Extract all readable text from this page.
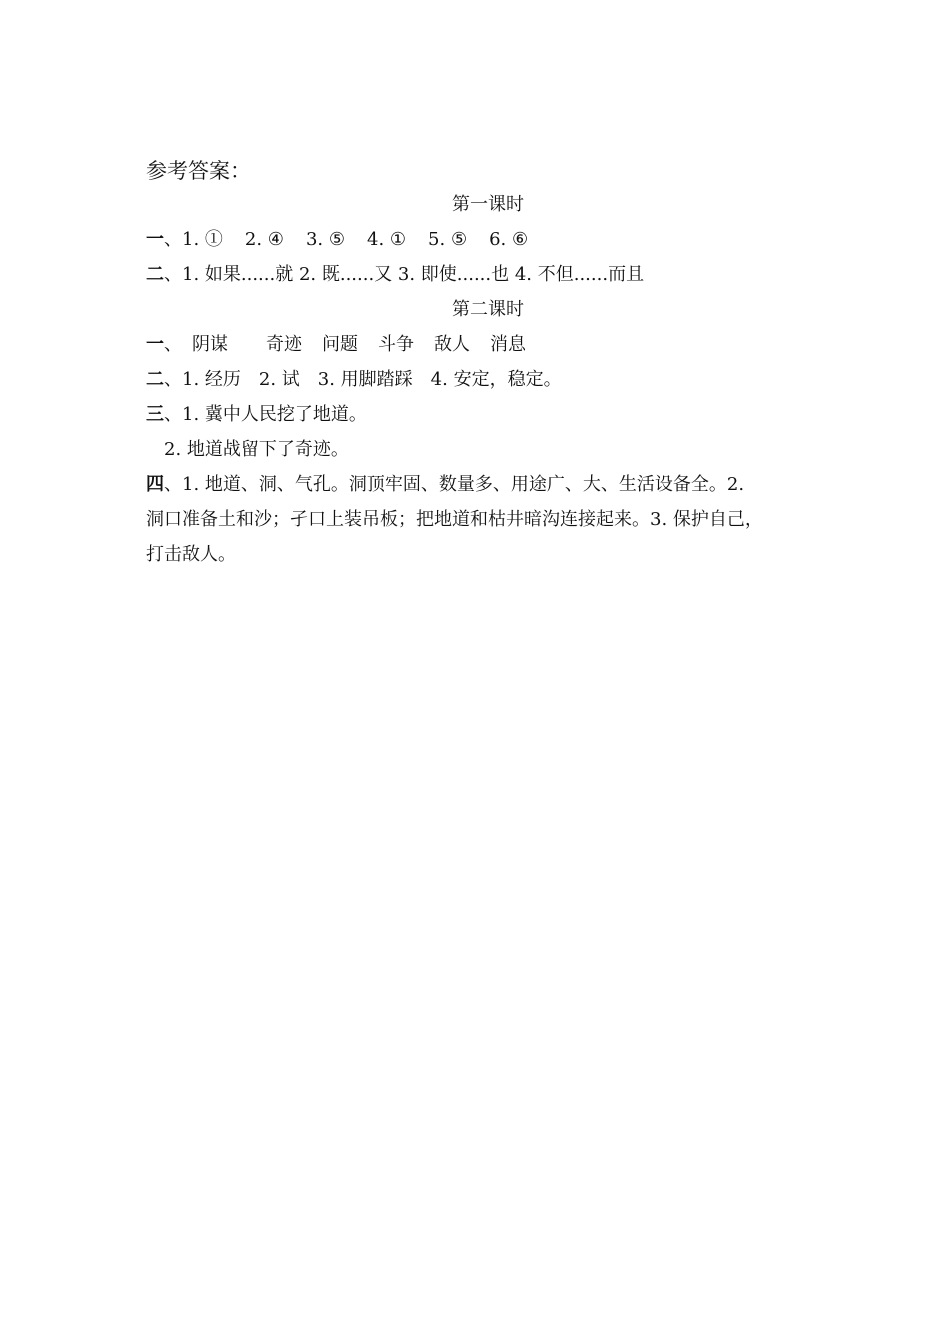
参考答案：
第一课时
一、1. ① 2. ④ 3. ⑤ 4. ① 5. ⑤ 6. ⑥
二、1. 如果......就 2. 既......又 3. 即使......也 4. 不但......而且
第二课时
一、 阴谋 奇迹 问题 斗争 敌人 消息
二、1. 经历　2. 试　3. 用脚踏踩　4. 安定，稳定。
三、1. 冀中人民挖了地道。
2. 地道战留下了奇迹。
四、1. 地道、洞、气孔。洞顶牢固、数量多、用途广、大、生活设备全。2.
洞口准备土和沙；孑口上装吊板；把地道和枯井暗沟连接起来。3. 保护自己，
打击敌人。
